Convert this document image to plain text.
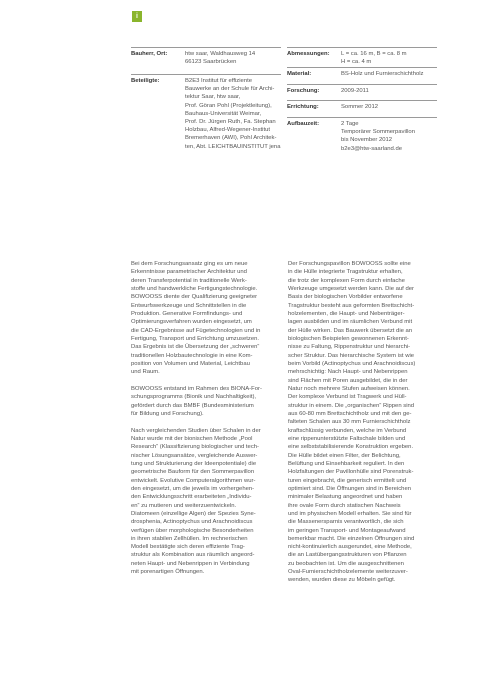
i
Bauherr, Ort:	htw saar, Waldhausweg 14
66123 Saarbrücken
Beteiligte:	B2E3 Institut für effiziente
Bauwerke an der Schule für Archi-
tektur Saar, htw saar,
Prof. Göran Pohl (Projektleitung),
Bauhaus-Universität Weimar,
Prof. Dr. Jürgen Ruth, Fa. Stephan
Holzbau, Alfred-Wegener-Institut
Bremerhaven (AWI), Pohl Architek-
ten, Abt. LEICHTBAUINSTITUT jena
Abmessungen:	L = ca. 16 m, B = ca. 8 m
H = ca. 4 m
Material:	BS-Holz und Furnierschichtholz
Forschung:	2009-2011
Errichtung:	Sommer 2012
Aufbauzeit:	2 Tage
Temporärer Sommerpavillon
bis November 2012
b2e3@htw-saarland.de

Bei dem Forschungsansatz ging es um neue
Erkenntnisse parametrischer Architektur und
deren Transferpotential in traditionelle Werk-
stoffe und handwerkliche Fertigungstechnologie.
BOWOOSS diente der Qualifizierung geeigneter
Entwurfswerkzeuge und Schnittstellen in die
Produktion. Generative Formfindungs- und
Optimierungsverfahren wurden eingesetzt, um
die CAD-Ergebnisse auf Fügetechnologien und in
Fertigung, Transport und Errichtung umzusetzen.
Das Ergebnis ist die Übersetzung der „schweren“
traditionellen Holzbautechnologie in eine Kom-
position von Volumen und Material, Leichtbau
und Raum.

BOWOOSS entstand im Rahmen des BIONA-For-
schungsprogramms (Bionik und Nachhaltigkeit),
gefördert durch das BMBF (Bundesministerium
für Bildung und Forschung).

Nach vergleichenden Studien über Schalen in der
Natur wurde mit der bionischen Methode „Pool
Research“ (Klassifizierung biologischer und tech-
nischer Lösungsansätze, vergleichende Auswer-
tung und Strukturierung der Ideenpotentiale) die
geometrische Bauform für den Sommerpavillon
entwickelt. Evolutive Computeralgorithmen wur-
den eingesetzt, um die jeweils im vorhergehen-
den Entwicklungsschritt erarbeiteten „Individu-
en“ zu mutieren und weiterzuentwickeln.
Diatomeen (einzellige Algen) der Spezies Syne-
drosphenia, Actinoptychus und Arachnoidiscus
verfügen über morphologische Besonderheiten
in ihren stabilen Zellhüllen. Im rechnerischen
Modell bestätigte sich deren effiziente Trag-
struktur als Kombination aus räumlich angeord-
neten Haupt- und Nebenrippen in Verbindung
mit porenartigen Öffnungen.

Der Forschungspavillon BOWOOSS sollte eine
in die Hülle integrierte Tragstruktur erhalten,
die trotz der komplexen Form durch einfache
Werkzeuge umgesetzt werden kann. Die auf der
Basis der biologischen Vorbilder entworfene
Tragstruktur besteht aus geformten Brettschicht-
holzelementen, die Haupt- und Nebenträger-
lagen ausbilden und im räumlichen Verbund mit
der Hülle wirken. Das Bauwerk übersetzt die an
biologischen Beispielen gewonnenen Erkennt-
nisse zu Faltung, Rippenstruktur und hierarchi-
scher Struktur. Das hierarchische System ist wie
beim Vorbild (Actinoptychus und Arachnoidiscus)
mehrschichtig: Nach Haupt- und Nebenrippen
sind Flächen mit Poren ausgebildet, die in der
Natur noch mehrere Stufen aufweisen können.
Der komplexe Verbund ist Tragwerk und Hüll-
struktur in einem. Die „organischen“ Rippen sind
aus 60-80 mm Brettschichtholz und mit den ge-
falteten Schalen aus 30 mm Furnierschichtholz
kraftschlüssig verbunden, welche im Verbund
eine rippenunterstützte Faltschale bilden und
eine selbststabilisierende Konstruktion ergeben.
Die Hülle bildet einen Filter, der Belichtung,
Belüftung und Einsehbarkeit reguliert. In den
Holzfaltungen der Pavillonhülle sind Porenstruk-
turen eingebracht, die generisch ermittelt und
optimiert sind. Die Öffnungen sind in Bereichen
minimaler Belastung angeordnet und haben
ihre ovale Form durch statischen Nachweis
und im physischen Modell erhalten. Sie sind für
die Massenersparnis verantwortlich, die sich
im geringen Transport- und Montageaufwand
bemerkbar macht. Die einzelnen Öffnungen sind
nicht-kontinuierlich ausgerundet, eine Methode,
die an Lastübergangsstrukturen von Pflanzen
zu beobachten ist. Um die ausgeschnittenen
Oval-Furnierschichtholzelemente weiterzuver-
wenden, wurden diese zu Möbeln gefügt.
